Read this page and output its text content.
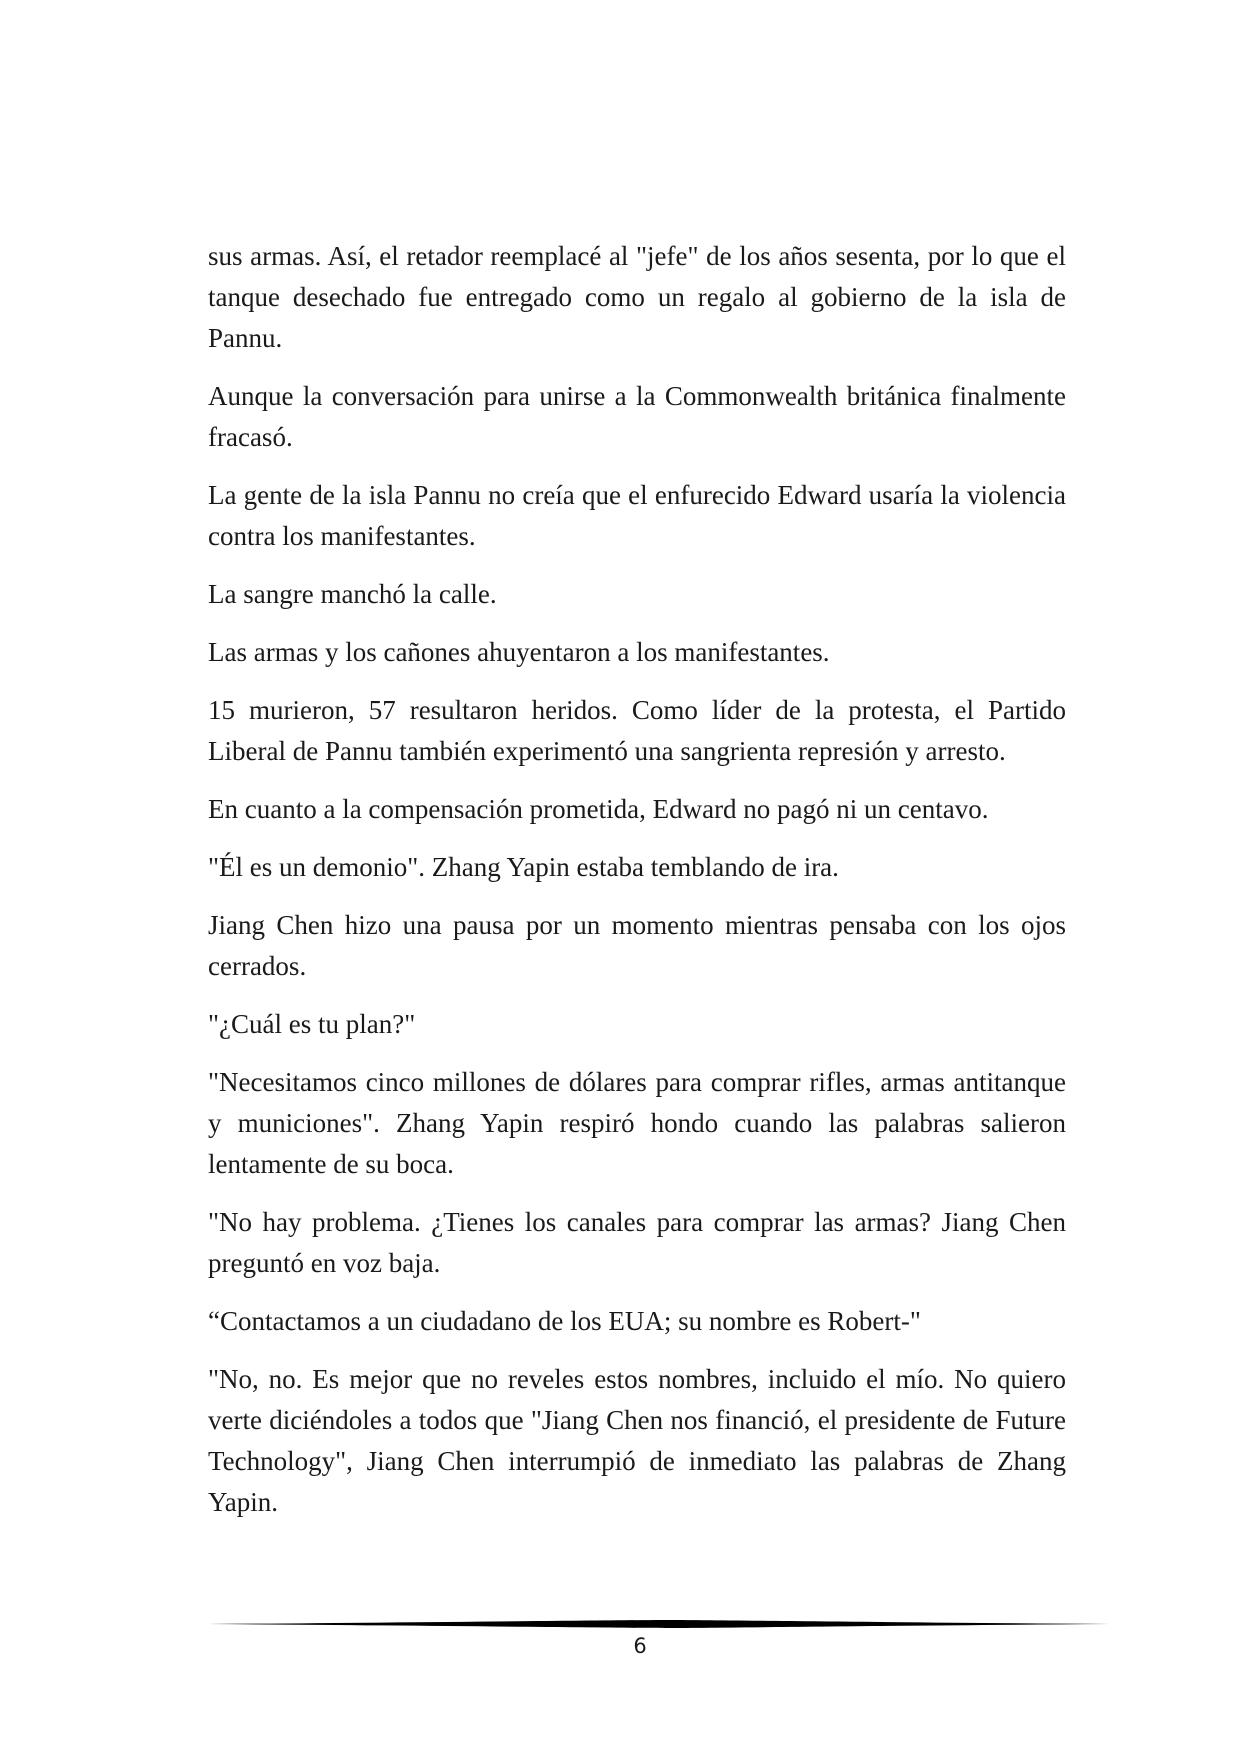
sus armas. Así, el retador reemplacé al "jefe" de los años sesenta, por lo que el tanque desechado fue entregado como un regalo al gobierno de la isla de Pannu.

Aunque la conversación para unirse a la Commonwealth británica finalmente fracasó.

La gente de la isla Pannu no creía que el enfurecido Edward usaría la violencia contra los manifestantes.

La sangre manchó la calle.

Las armas y los cañones ahuyentaron a los manifestantes.

15 murieron, 57 resultaron heridos. Como líder de la protesta, el Partido Liberal de Pannu también experimentó una sangrienta represión y arresto.

En cuanto a la compensación prometida, Edward no pagó ni un centavo.

"Él es un demonio". Zhang Yapin estaba temblando de ira.

Jiang Chen hizo una pausa por un momento mientras pensaba con los ojos cerrados.

"¿Cuál es tu plan?"

"Necesitamos cinco millones de dólares para comprar rifles, armas antitanque y municiones". Zhang Yapin respiró hondo cuando las palabras salieron lentamente de su boca.

"No hay problema. ¿Tienes los canales para comprar las armas? Jiang Chen preguntó en voz baja.

“Contactamos a un ciudadano de los EUA; su nombre es Robert-"

"No, no. Es mejor que no reveles estos nombres, incluido el mío. No quiero verte diciéndoles a todos que "Jiang Chen nos financió, el presidente de Future Technology", Jiang Chen interrumpió de inmediato las palabras de Zhang Yapin.

6
